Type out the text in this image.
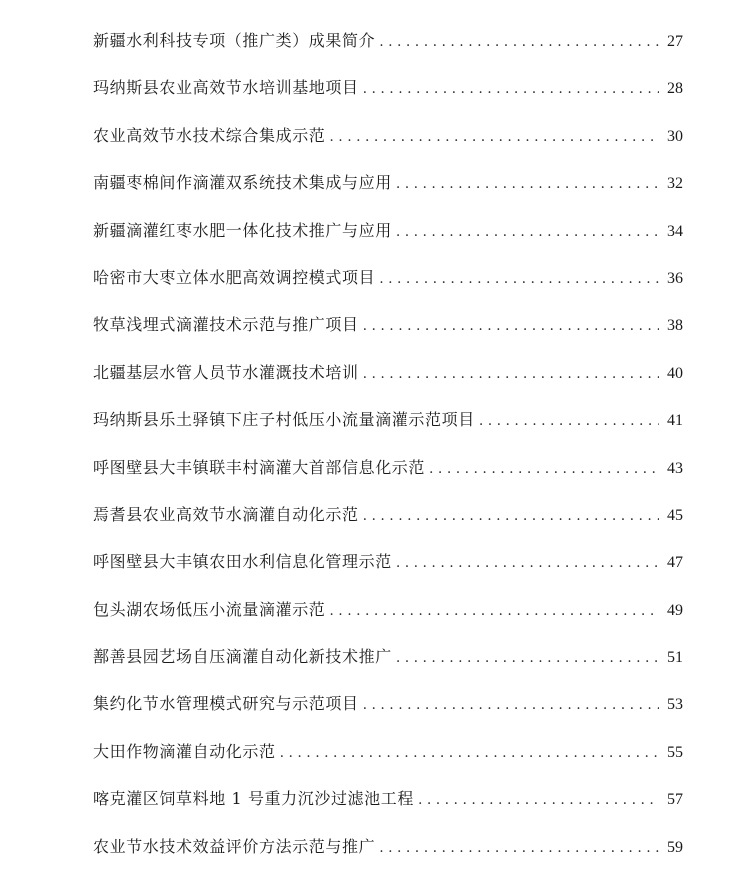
新疆水利科技专项（推广类）成果简介 . . .	27
玛纳斯县农业高效节水培训基地项目 . . .	28
农业高效节水技术综合集成示范 . . .	30
南疆枣棉间作滴灌双系统技术集成与应用 . . .	32
新疆滴灌红枣水肥一体化技术推广与应用 . . .	34
哈密市大枣立体水肥高效调控模式项目 . . .	36
牧草浅埋式滴灌技术示范与推广项目 . . .	38
北疆基层水管人员节水灌溉技术培训 . . .	40
玛纳斯县乐土驿镇下庄子村低压小流量滴灌示范项目 . . .	41
呼图壁县大丰镇联丰村滴灌大首部信息化示范 . . .	43
焉耆县农业高效节水滴灌自动化示范 . . .	45
呼图壁县大丰镇农田水利信息化管理示范 . . .	47
包头湖农场低压小流量滴灌示范 . . .	49
鄯善县园艺场自压滴灌自动化新技术推广 . . .	51
集约化节水管理模式研究与示范项目 . . .	53
大田作物滴灌自动化示范 . . .	55
喀克灌区饲草料地 1 号重力沉沙过滤池工程 . . .	57
农业节水技术效益评价方法示范与推广 . . .	59
